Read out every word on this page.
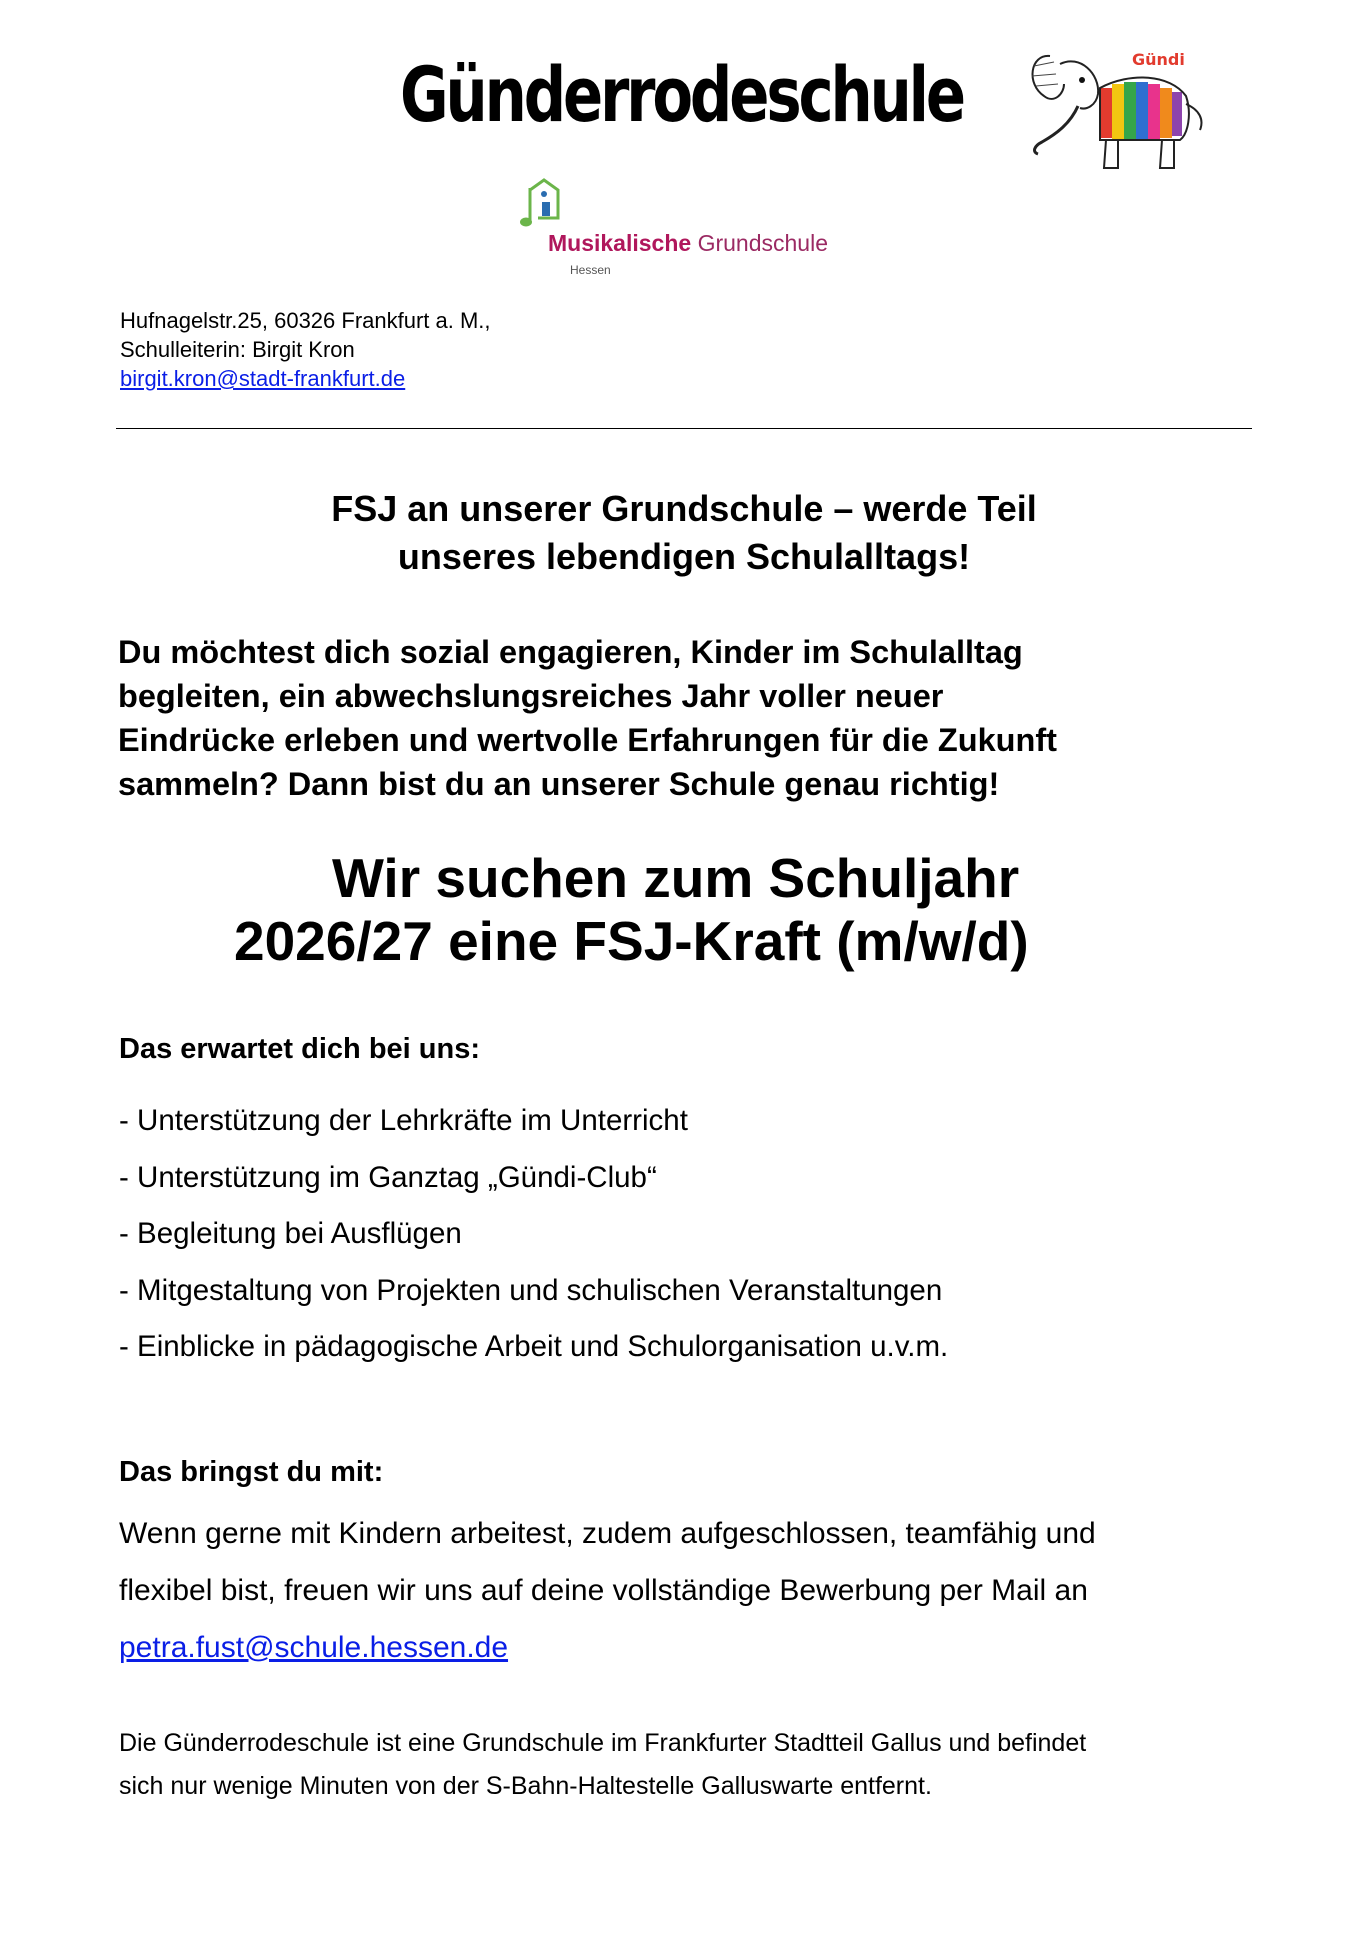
Günderrodeschule	Gündi
Musikalische Grundschule
Hessen
Hufnagelstr.25, 60326 Frankfurt a. M.,
Schulleiterin: Birgit Kron
birgit.kron@stadt-frankfurt.de
FSJ an unserer Grundschule – werde Teil
unseres lebendigen Schulalltags!
Du möchtest dich sozial engagieren, Kinder im Schulalltag
begleiten, ein abwechslungsreiches Jahr voller neuer
Eindrücke erleben und wertvolle Erfahrungen für die Zukunft
sammeln? Dann bist du an unserer Schule genau richtig!
Wir suchen zum Schuljahr
2026/27 eine FSJ-Kraft (m/w/d)
Das erwartet dich bei uns:
- Unterstützung der Lehrkräfte im Unterricht
- Unterstützung im Ganztag „Gündi-Club“
- Begleitung bei Ausflügen
- Mitgestaltung von Projekten und schulischen Veranstaltungen
- Einblicke in pädagogische Arbeit und Schulorganisation u.v.m.
Das bringst du mit:
Wenn gerne mit Kindern arbeitest, zudem aufgeschlossen, teamfähig und
flexibel bist, freuen wir uns auf deine vollständige Bewerbung per Mail an
petra.fust@schule.hessen.de
Die Günderrodeschule ist eine Grundschule im Frankfurter Stadtteil Gallus und befindet
sich nur wenige Minuten von der S-Bahn-Haltestelle Galluswarte entfernt.
